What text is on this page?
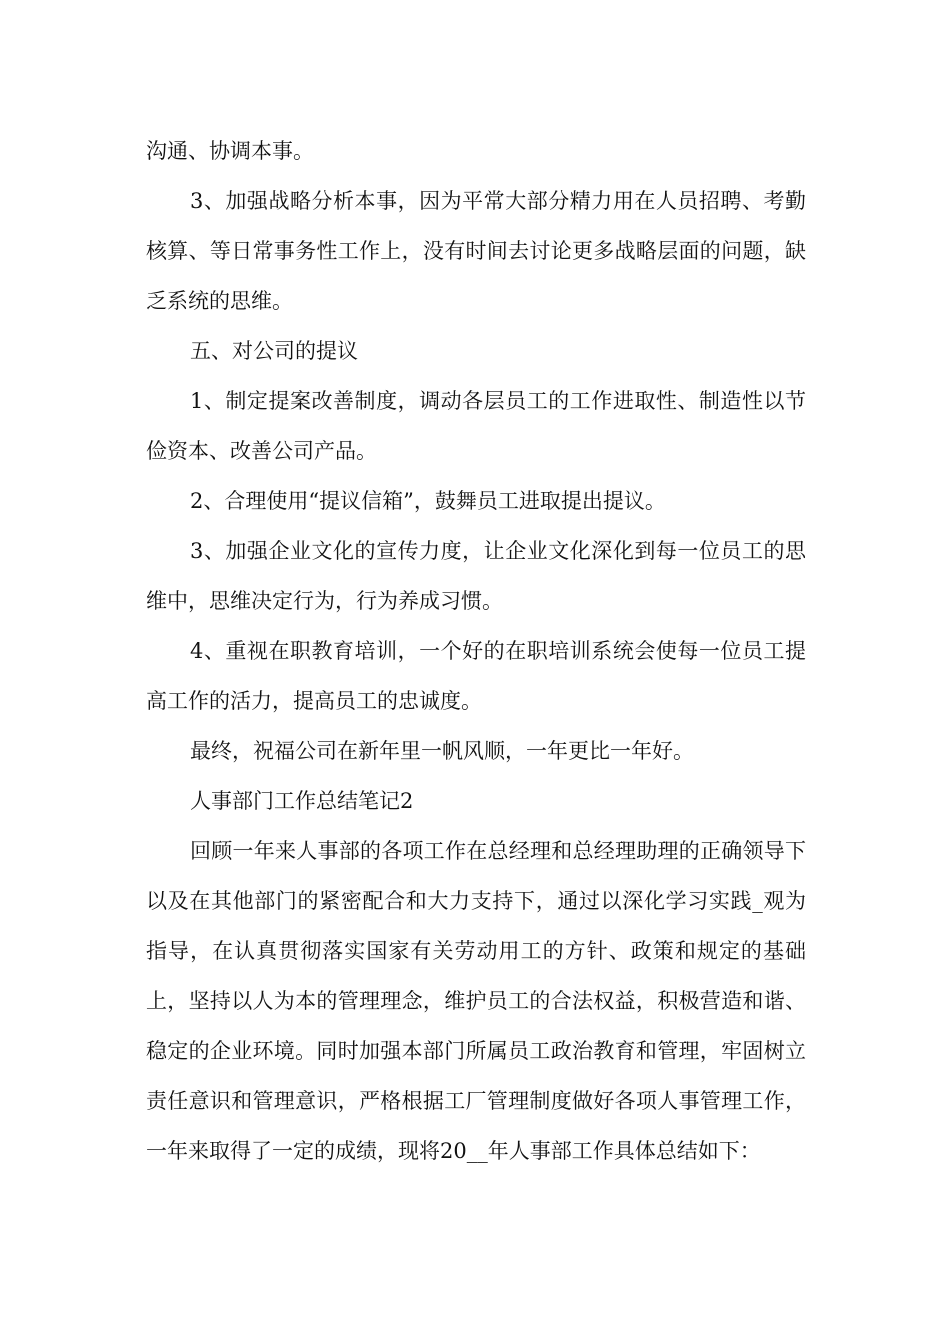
沟通、协调本事。

3、加强战略分析本事，因为平常大部分精力用在人员招聘、考勤核算、等日常事务性工作上，没有时间去讨论更多战略层面的问题，缺乏系统的思维。

五、对公司的提议

1、制定提案改善制度，调动各层员工的工作进取性、制造性以节俭资本、改善公司产品。

2、合理使用“提议信箱”，鼓舞员工进取提出提议。

3、加强企业文化的宣传力度，让企业文化深化到每一位员工的思维中，思维决定行为，行为养成习惯。

4、重视在职教育培训，一个好的在职培训系统会使每一位员工提高工作的活力，提高员工的忠诚度。

最终，祝福公司在新年里一帆风顺，一年更比一年好。

人事部门工作总结笔记2

回顾一年来人事部的各项工作在总经理和总经理助理的正确领导下以及在其他部门的紧密配合和大力支持下，通过以深化学习实践_观为指导，在认真贯彻落实国家有关劳动用工的方针、政策和规定的基础上，坚持以人为本的管理理念，维护员工的合法权益，积极营造和谐、稳定的企业环境。同时加强本部门所属员工政治教育和管理，牢固树立责任意识和管理意识，严格根据工厂管理制度做好各项人事管理工作，一年来取得了一定的成绩，现将20__年人事部工作具体总结如下：
